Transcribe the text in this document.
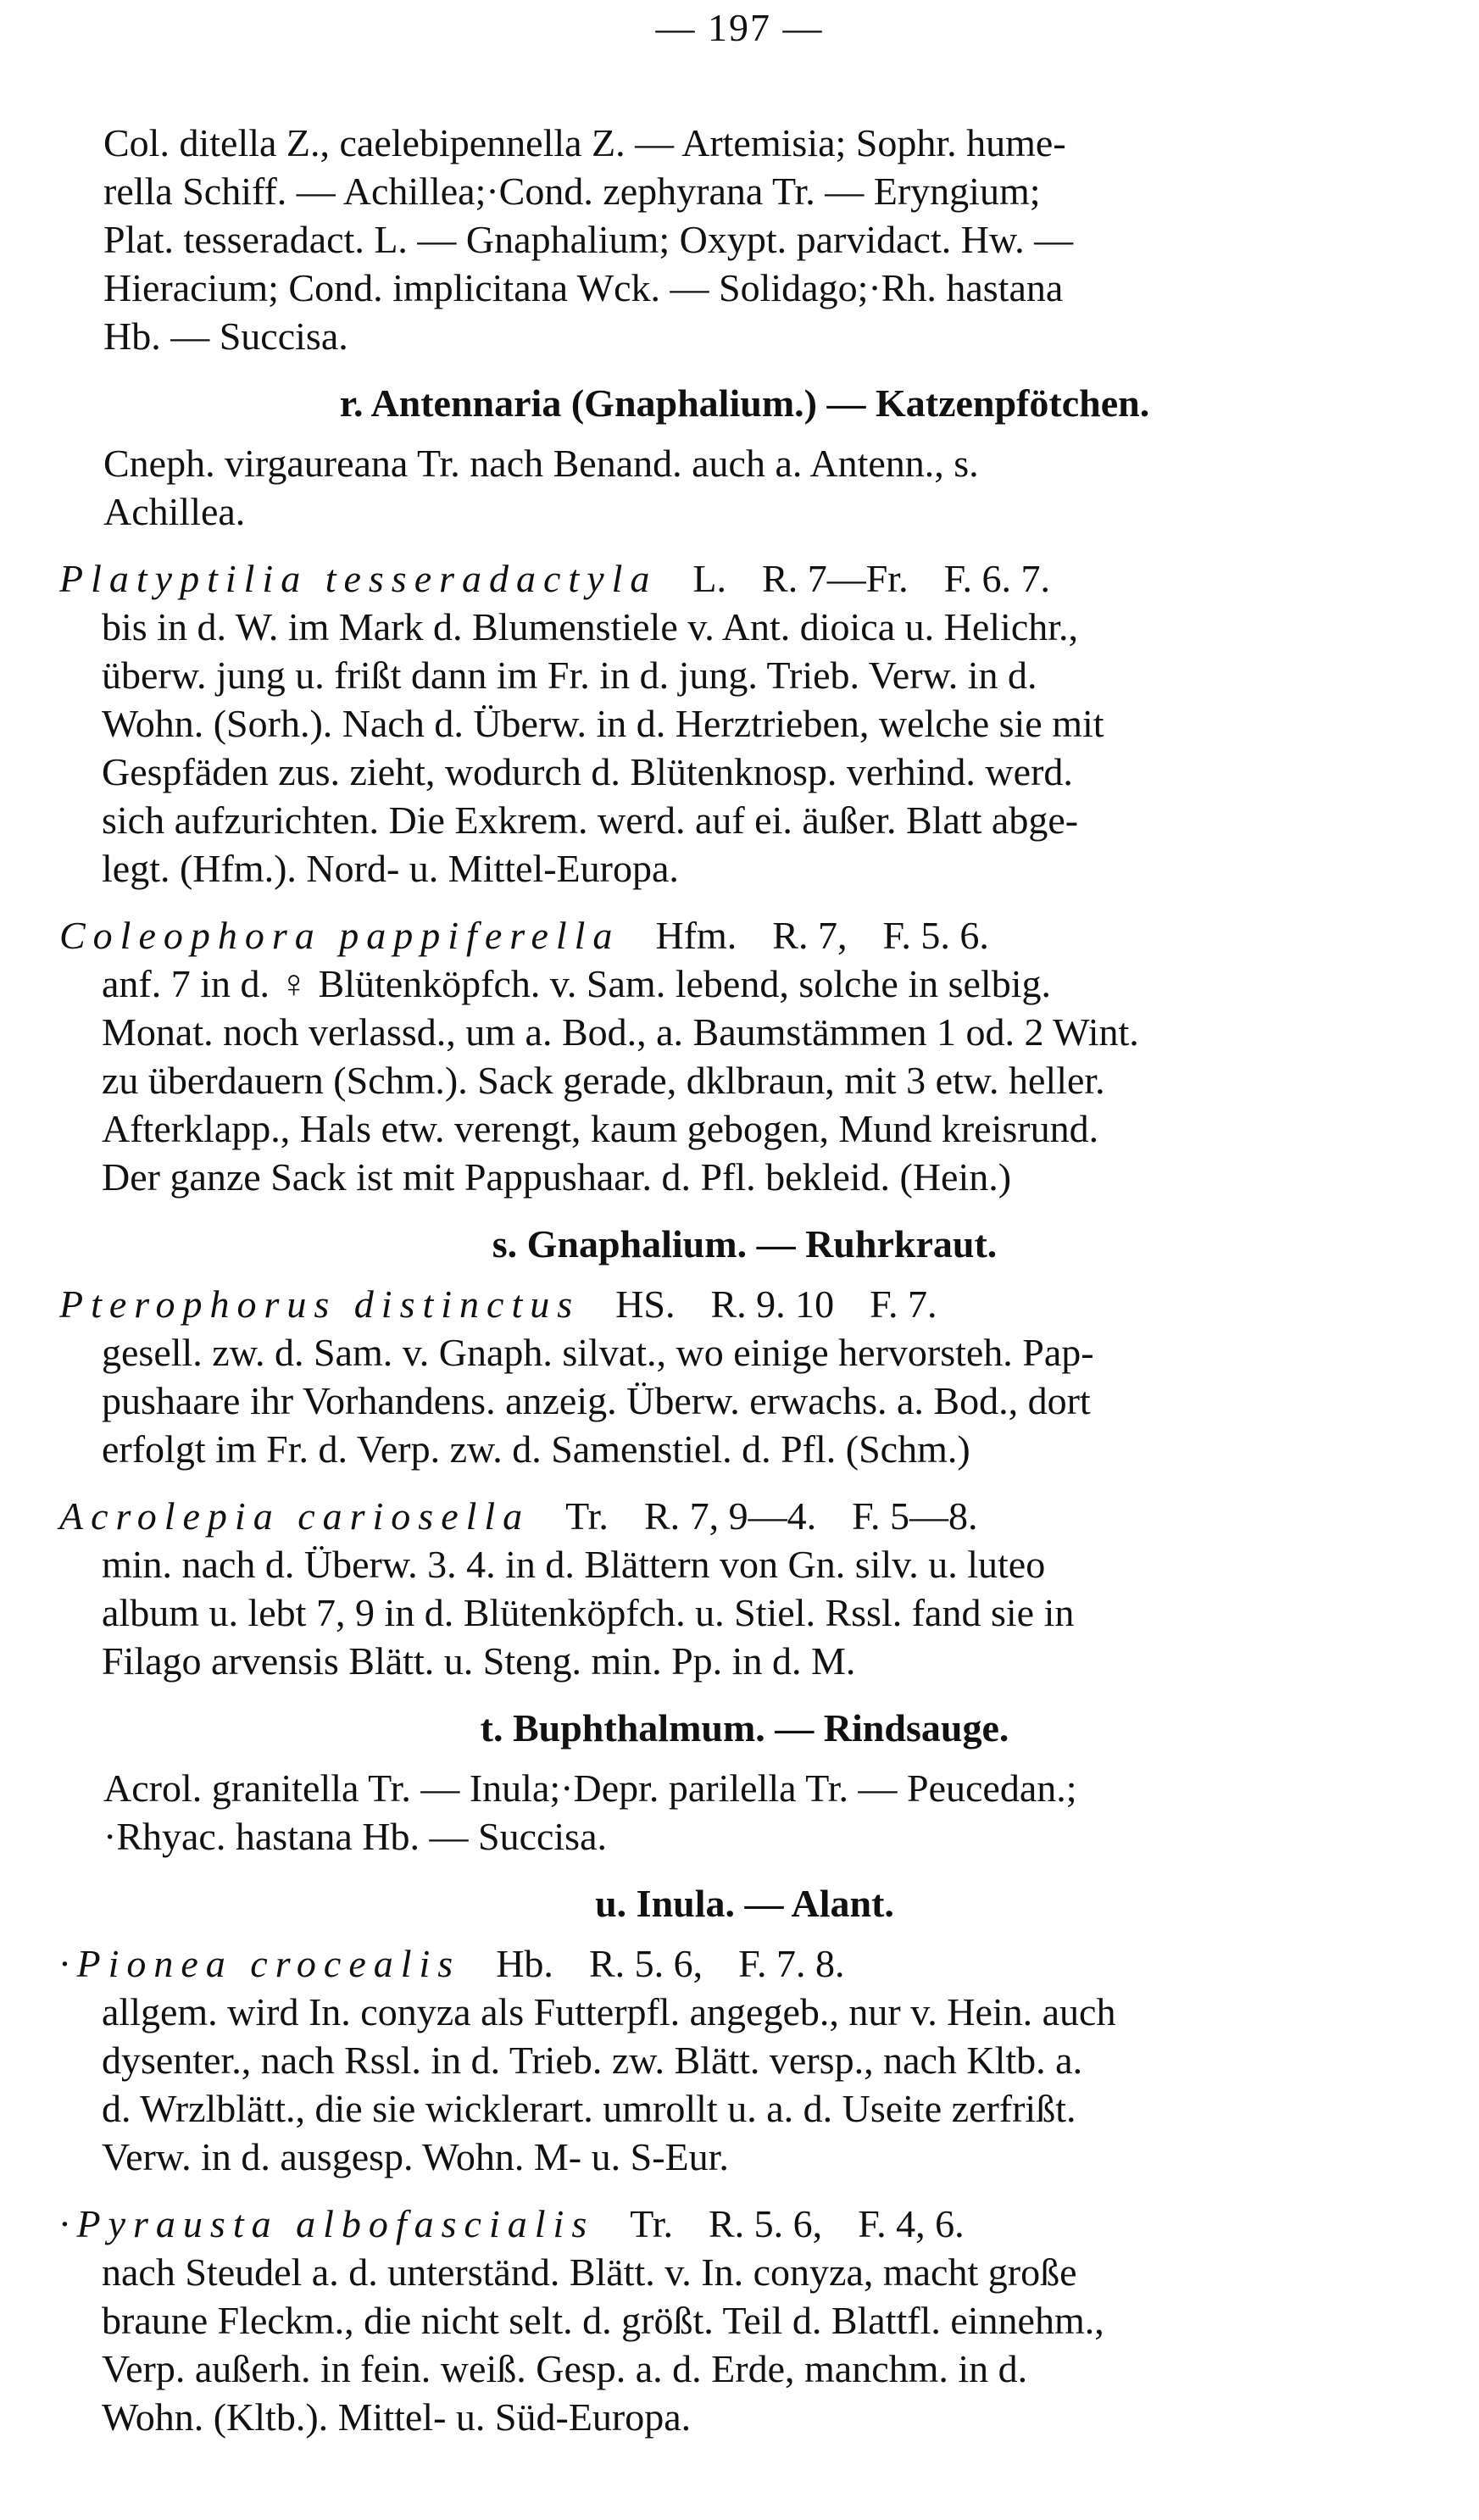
— 197 —

Col. ditella Z., caelebipennella Z. — Artemisia; Sophr. hume-
rella Schiff. — Achillea;·Cond. zephyrana Tr. — Eryngium;
Plat. tesseradact. L. — Gnaphalium; Oxypt. parvidact. Hw. —
Hieracium; Cond. implicitana Wck. — Solidago;·Rh. hastana
Hb. — Succisa.

r. Antennaria (Gnaphalium.) — Katzenpfötchen.

Cneph. virgaureana Tr. nach Benand. auch a. Antenn., s.
Achillea.

Platyptilia tesseradactyla L. R. 7—Fr. F. 6. 7.

bis in d. W. im Mark d. Blumenstiele v. Ant. dioica u. Helichr.,
überw. jung u. frißt dann im Fr. in d. jung. Trieb. Verw. in d.
Wohn. (Sorh.). Nach d. Überw. in d. Herztrieben, welche sie mit
Gespfäden zus. zieht, wodurch d. Blütenknosp. verhind. werd.
sich aufzurichten. Die Exkrem. werd. auf ei. äußer. Blatt abge-
legt. (Hfm.). Nord- u. Mittel-Europa.

Coleophora pappiferella Hfm. R. 7, F. 5. 6.

anf. 7 in d. ♀ Blütenköpfch. v. Sam. lebend, solche in selbig.
Monat. noch verlassd., um a. Bod., a. Baumstämmen 1 od. 2 Wint.
zu überdauern (Schm.). Sack gerade, dklbraun, mit 3 etw. heller.
Afterklapp., Hals etw. verengt, kaum gebogen, Mund kreisrund.
Der ganze Sack ist mit Pappushaar. d. Pfl. bekleid. (Hein.)

s. Gnaphalium. — Ruhrkraut.
Pterophorus distinctus HS. R. 9. 10 F. 7.

gesell. zw. d. Sam. v. Gnaph. silvat., wo einige hervorsteh. Pap-
pushaare ihr Vorhandens. anzeig. Überw. erwachs. a. Bod., dort
erfolgt im Fr. d. Verp. zw. d. Samenstiel. d. Pfl. (Schm.)

Acrolepia cariosella Tr. R. 7, 9—4. F. 5—8.

min. nach d. Überw. 3. 4. in d. Blättern von Gn. silv. u. luteo
album u. lebt 7, 9 in d. Blütenköpfch. u. Stiel. Rssl. fand sie in
Filago arvensis Blätt. u. Steng. min. Pp. in d. M.

t. Buphthalmum. — Rindsauge.

Acrol. granitella Tr. — Inula;·Depr. parilella Tr. — Peucedan.;
·Rhyac. hastana Hb. — Succisa.

u. Inula. — Alant.
·Pionea crocealis Hb. R. 5. 6, F. 7. 8.

allgem. wird In. conyza als Futterpfl. angegeb., nur v. Hein. auch
dysenter., nach Rssl. in d. Trieb. zw. Blätt. versp., nach Kltb. a.
d. Wrzlblätt., die sie wicklerart. umrollt u. a. d. Useite zerfrißt.
Verw. in d. ausgesp. Wohn. M- u. S-Eur.

·Pyrausta albofascialis Tr. R. 5. 6, F. 4, 6.

nach Steudel a. d. unterständ. Blätt. v. In. conyza, macht große
braune Fleckm., die nicht selt. d. größt. Teil d. Blattfl. einnehm.,
Verp. außerh. in fein. weiß. Gesp. a. d. Erde, manchm. in d.
Wohn. (Kltb.). Mittel- u. Süd-Europa.
